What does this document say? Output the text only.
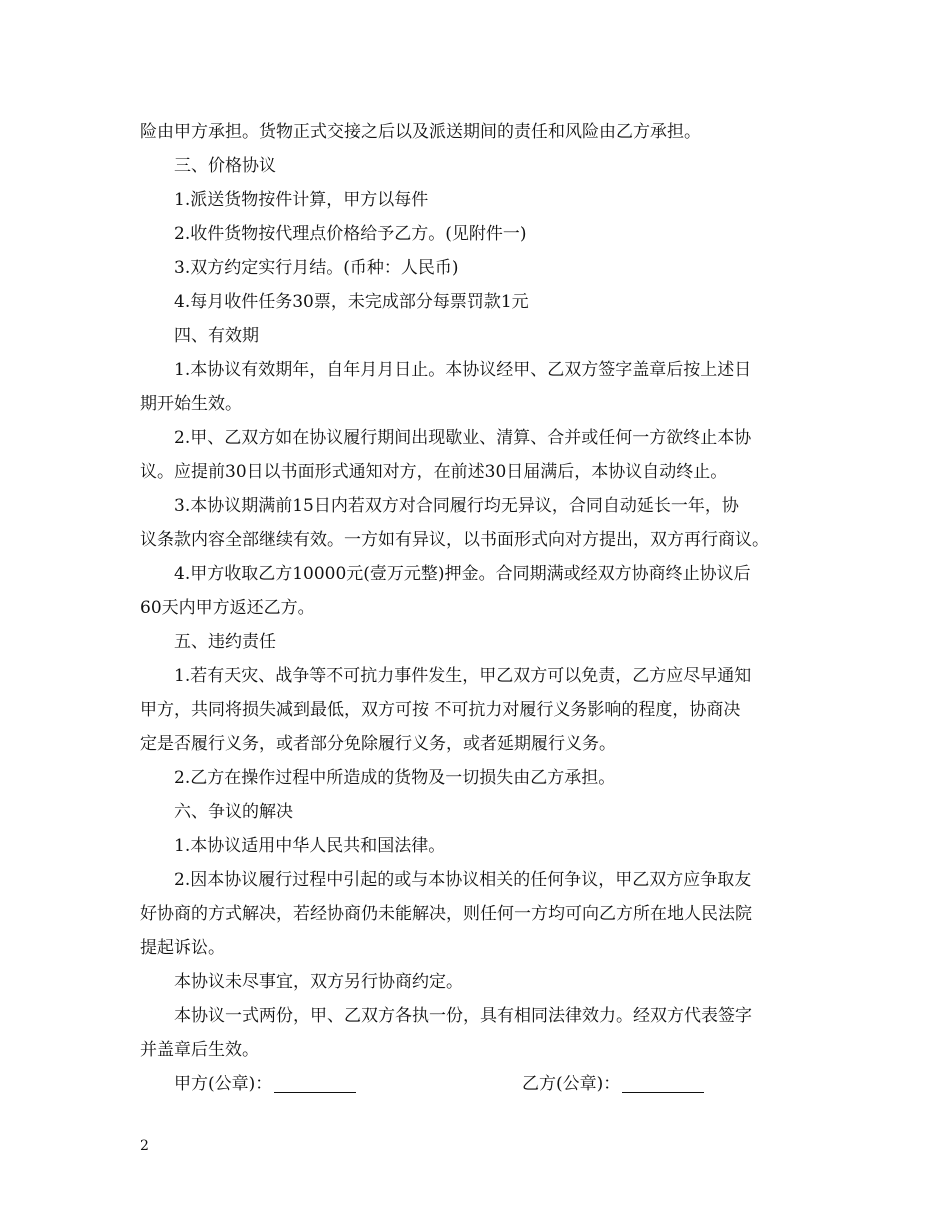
险由甲方承担。货物正式交接之后以及派送期间的责任和风险由乙方承担。
三、价格协议
1.派送货物按件计算，甲方以每件
2.收件货物按代理点价格给予乙方。(见附件一)
3.双方约定实行月结。(币种：人民币)
4.每月收件任务30票，未完成部分每票罚款1元
四、有效期
1.本协议有效期年，自年月月日止。本协议经甲、乙双方签字盖章后按上述日
期开始生效。
2.甲、乙双方如在协议履行期间出现歇业、清算、合并或任何一方欲终止本协
议。应提前30日以书面形式通知对方，在前述30日届满后，本协议自动终止。
3.本协议期满前15日内若双方对合同履行均无异议，合同自动延长一年，协
议条款内容全部继续有效。一方如有异议，以书面形式向对方提出，双方再行商议。
4.甲方收取乙方10000元(壹万元整)押金。合同期满或经双方协商终止协议后
60天内甲方返还乙方。
五、违约责任
1.若有天灾、战争等不可抗力事件发生，甲乙双方可以免责，乙方应尽早通知
甲方，共同将损失减到最低，双方可按 不可抗力对履行义务影响的程度，协商决
定是否履行义务，或者部分免除履行义务，或者延期履行义务。
2.乙方在操作过程中所造成的货物及一切损失由乙方承担。
六、争议的解决
1.本协议适用中华人民共和国法律。
2.因本协议履行过程中引起的或与本协议相关的任何争议，甲乙双方应争取友
好协商的方式解决，若经协商仍未能解决，则任何一方均可向乙方所在地人民法院
提起诉讼。
本协议未尽事宜，双方另行协商约定。
本协议一式两份，甲、乙双方各执一份，具有相同法律效力。经双方代表签字
并盖章后生效。
甲方(公章)：	乙方(公章)：
2
